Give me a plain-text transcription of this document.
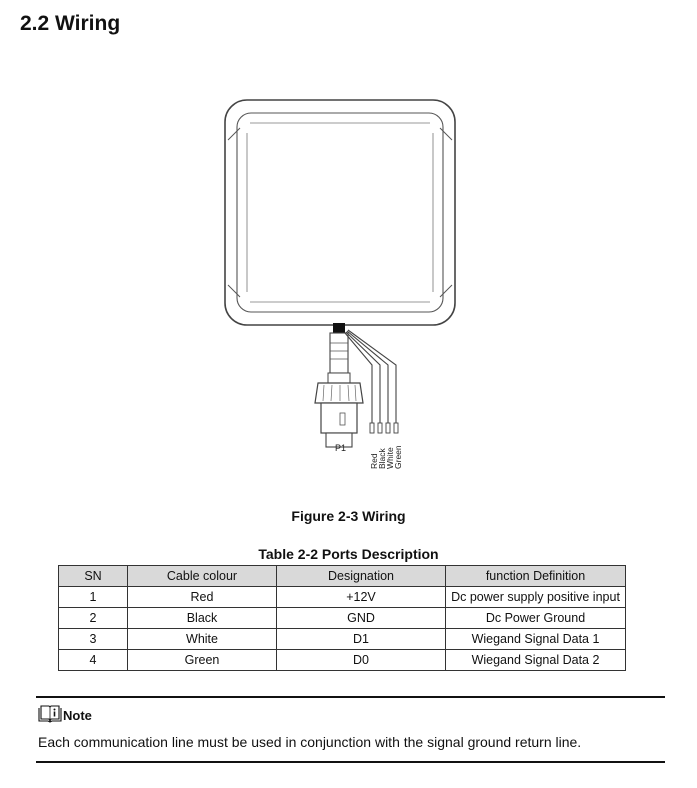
2.2 Wiring
P1	Green
White
Black
Red
Figure 2-3 Wiring
Table 2-2 Ports Description
SN	Cable colour	Designation	function Definition
1	Red	+12V	Dc power supply positive input
2	Black	GND	Dc Power Ground
3	White	D1	Wiegand Signal Data 1
4	Green	D0	Wiegand Signal Data 2
Note
Each communication line must be used in conjunction with the signal ground return line.
